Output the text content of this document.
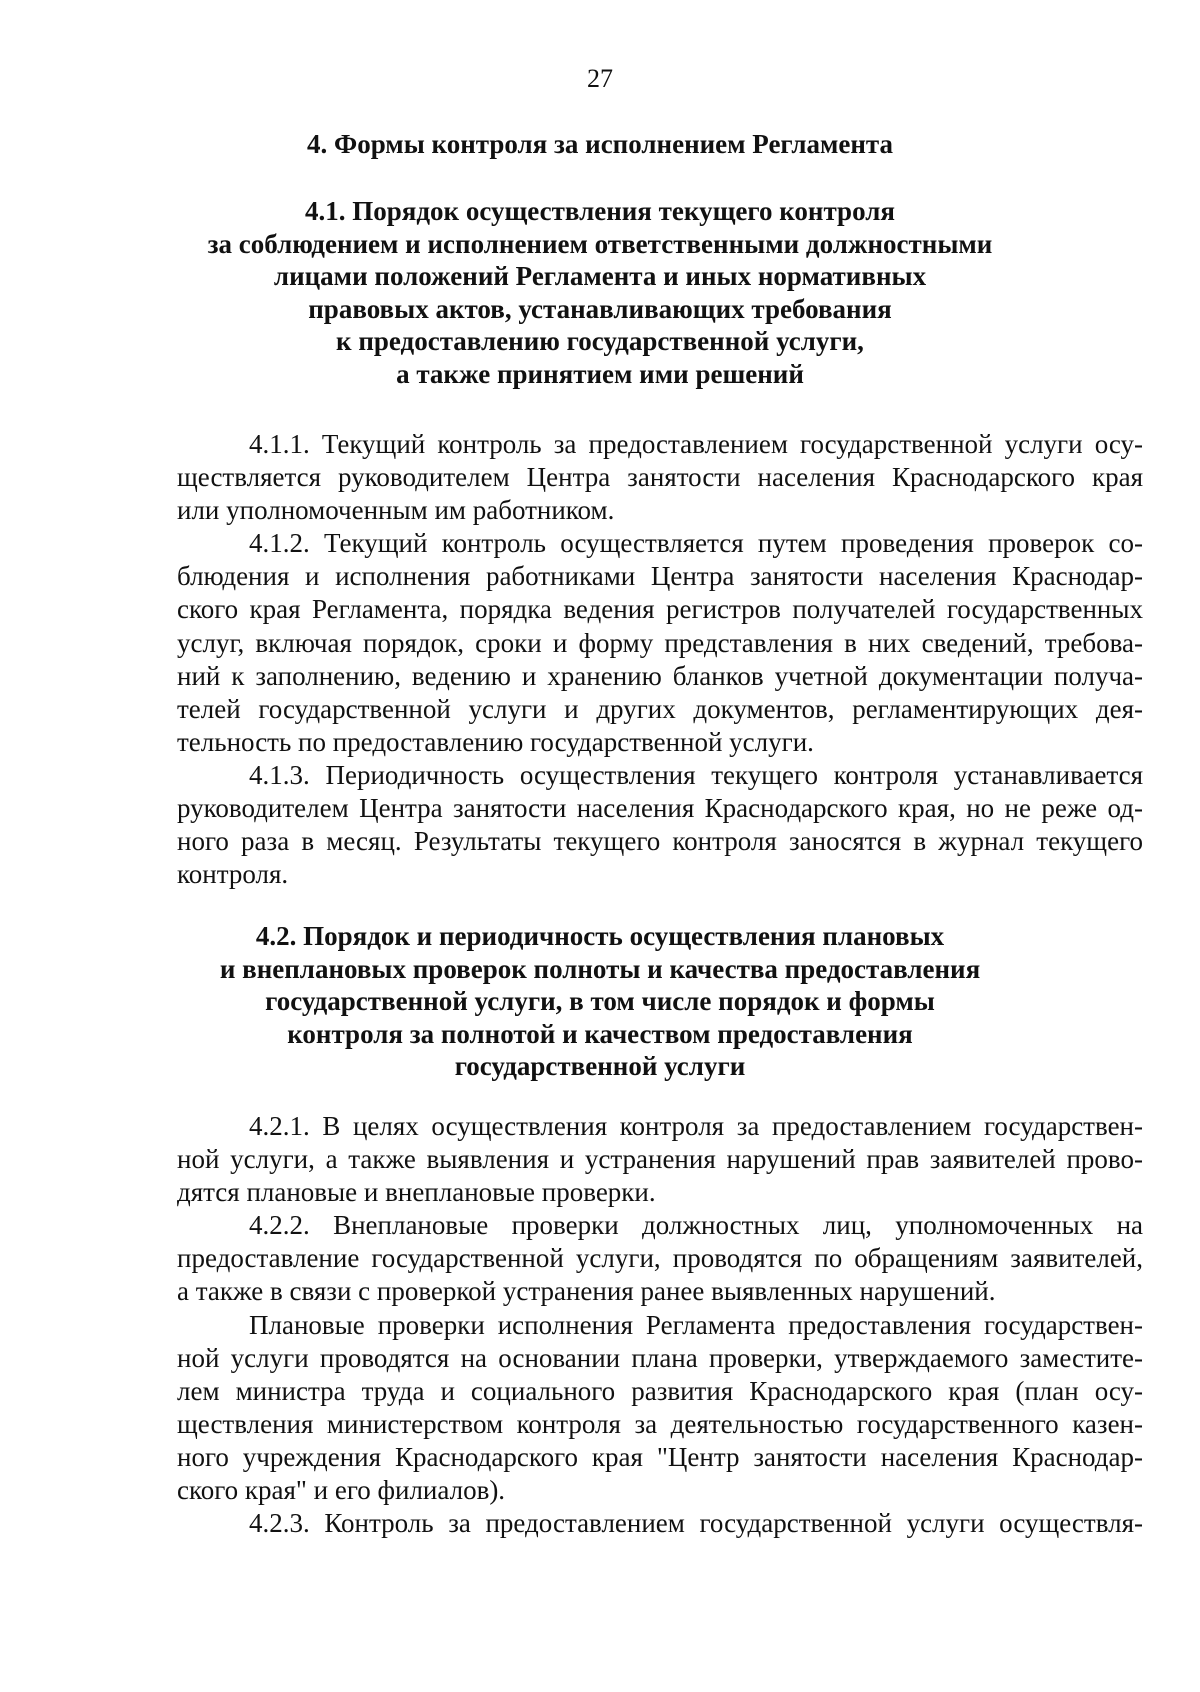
27
4. Формы контроля за исполнением Регламента
4.1. Порядок осуществления текущего контроля
за соблюдением и исполнением ответственными должностными
лицами положений Регламента и иных нормативных
правовых актов, устанавливающих требования
к предоставлению государственной услуги,
а также принятием ими решений

4.1.1. Текущий контроль за предоставлением государственной услуги осу-
ществляется руководителем Центра занятости населения Краснодарского края
или уполномоченным им работником.

4.1.2. Текущий контроль осуществляется путем проведения проверок со-
блюдения и исполнения работниками Центра занятости населения Краснодар-
ского края Регламента, порядка ведения регистров получателей государственных
услуг, включая порядок, сроки и форму представления в них сведений, требова-
ний к заполнению, ведению и хранению бланков учетной документации получа-
телей государственной услуги и других документов, регламентирующих дея-
тельность по предоставлению государственной услуги.

4.1.3. Периодичность осуществления текущего контроля устанавливается
руководителем Центра занятости населения Краснодарского края, но не реже од-
ного раза в месяц. Результаты текущего контроля заносятся в журнал текущего
контроля.

4.2. Порядок и периодичность осуществления плановых
и внеплановых проверок полноты и качества предоставления
государственной услуги, в том числе порядок и формы
контроля за полнотой и качеством предоставления
государственной услуги

4.2.1. В целях осуществления контроля за предоставлением государствен-
ной услуги, а также выявления и устранения нарушений прав заявителей прово-
дятся плановые и внеплановые проверки.

4.2.2. Внеплановые проверки должностных лиц, уполномоченных на
предоставление государственной услуги, проводятся по обращениям заявителей,
а также в связи с проверкой устранения ранее выявленных нарушений.

Плановые проверки исполнения Регламента предоставления государствен-
ной услуги проводятся на основании плана проверки, утверждаемого заместите-
лем министра труда и социального развития Краснодарского края (план осу-
ществления министерством контроля за деятельностью государственного казен-
ного учреждения Краснодарского края "Центр занятости населения Краснодар-
ского края" и его филиалов).

4.2.3. Контроль за предоставлением государственной услуги осуществля-
